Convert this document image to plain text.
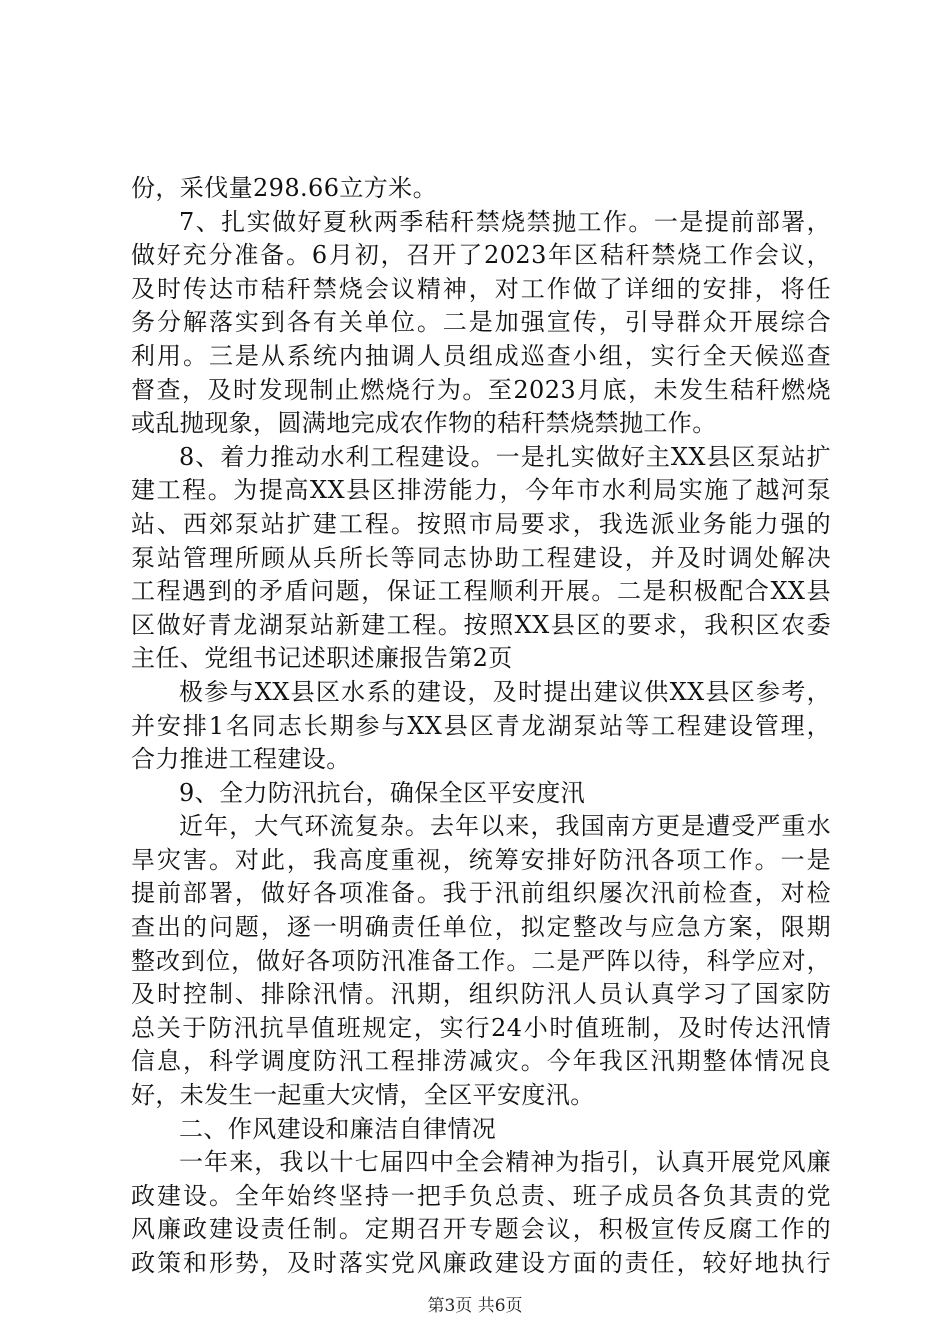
份，采伐量298.66立方米。
7、扎实做好夏秋两季秸秆禁烧禁抛工作。一是提前部署，
做好充分准备。6月初，召开了2023年区秸秆禁烧工作会议，
及时传达市秸秆禁烧会议精神，对工作做了详细的安排，将任
务分解落实到各有关单位。二是加强宣传，引导群众开展综合
利用。三是从系统内抽调人员组成巡查小组，实行全天候巡查
督查，及时发现制止燃烧行为。至2023月底，未发生秸秆燃烧
或乱抛现象，圆满地完成农作物的秸秆禁烧禁抛工作。
8、着力推动水利工程建设。一是扎实做好主XX县区泵站扩
建工程。为提高XX县区排涝能力，今年市水利局实施了越河泵
站、西郊泵站扩建工程。按照市局要求，我选派业务能力强的
泵站管理所顾从兵所长等同志协助工程建设，并及时调处解决
工程遇到的矛盾问题，保证工程顺利开展。二是积极配合XX县
区做好青龙湖泵站新建工程。按照XX县区的要求，我积区农委
主任、党组书记述职述廉报告第2页
极参与XX县区水系的建设，及时提出建议供XX县区参考，
并安排1名同志长期参与XX县区青龙湖泵站等工程建设管理，
合力推进工程建设。
9、全力防汛抗台，确保全区平安度汛
近年，大气环流复杂。去年以来，我国南方更是遭受严重水
旱灾害。对此，我高度重视，统筹安排好防汛各项工作。一是
提前部署，做好各项准备。我于汛前组织屡次汛前检查，对检
查出的问题，逐一明确责任单位，拟定整改与应急方案，限期
整改到位，做好各项防汛准备工作。二是严阵以待，科学应对，
及时控制、排除汛情。汛期，组织防汛人员认真学习了国家防
总关于防汛抗旱值班规定，实行24小时值班制，及时传达汛情
信息，科学调度防汛工程排涝减灾。今年我区汛期整体情况良
好，未发生一起重大灾情，全区平安度汛。
二、作风建设和廉洁自律情况
一年来，我以十七届四中全会精神为指引，认真开展党风廉
政建设。全年始终坚持一把手负总责、班子成员各负其责的党
风廉政建设责任制。定期召开专题会议，积极宣传反腐工作的
政策和形势，及时落实党风廉政建设方面的责任，较好地执行
第3页 共6页
